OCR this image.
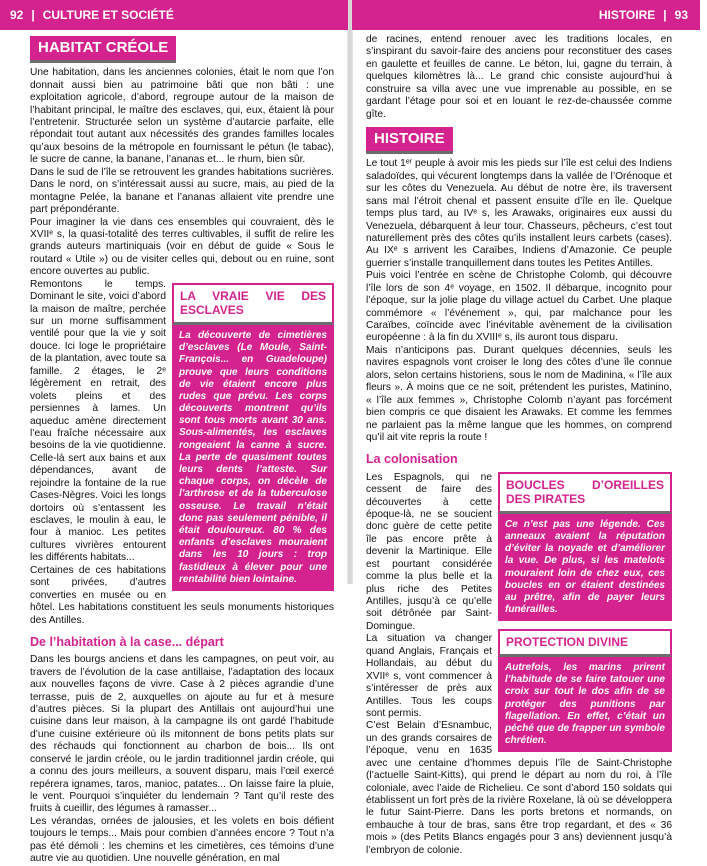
92 | CULTURE ET SOCIÉTÉ	HISTOIRE | 93
HABITAT CRÉOLE

Une habitation, dans les anciennes colonies, était le nom que l’on donnait aussi bien au patrimoine bâti que non bâti : une exploitation agricole, d’abord, regroupe autour de la maison de l’habitant principal, le maître des esclaves, qui, eux, étaient là pour l’entretenir. Structurée selon un système d’autarcie parfaite, elle répondait tout autant aux nécessités des grandes familles locales qu’aux besoins de la métropole en fournissant le pétun (le tabac), le sucre de canne, la banane, l’ananas et... le rhum, bien sûr.

Dans le sud de l’île se retrouvent les grandes habitations sucrières. Dans le nord, on s’intéressait aussi au sucre, mais, au pied de la montagne Pelée, la banane et l’ananas allaient vite prendre une part prépondérante.

Pour imaginer la vie dans ces ensembles qui couvraient, dès le XVIIᵉ s, la quasi-totalité des terres cultivables, il suffit de relire les grands auteurs martiniquais (voir en début de guide « Sous le routard « Utile ») ou de visiter celles qui, debout ou en ruine, sont encore ouvertes au public.

LA VRAIE VIE DES ESCLAVES
La découverte de cimetières d’esclaves (Le Moule, Saint-François... en Guadeloupe) prouve que leurs conditions de vie étaient encore plus rudes que prévu. Les corps découverts montrent qu’ils sont tous morts avant 30 ans. Sous-alimentés, les esclaves rongeaient la canne à sucre. La perte de quasiment toutes leurs dents l’atteste. Sur chaque corps, on décèle de l’arthrose et de la tuberculose osseuse. Le travail n’était donc pas seulement pénible, il était douloureux. 80 % des enfants d’esclaves mouraient dans les 10 jours : trop fastidieux à élever pour une rentabilité bien lointaine.

Remontons le temps. Dominant le site, voici d’abord la maison de maître, perchée sur un morne suffisamment ventilé pour que la vie y soit douce. Ici loge le propriétaire de la plantation, avec toute sa famille. 2 étages, le 2ᵉ légèrement en retrait, des volets pleins et des persiennes à lames. Un aqueduc amène directement l’eau fraîche nécessaire aux besoins de la vie quotidienne. Celle-là sert aux bains et aux dépendances, avant de rejoindre la fontaine de la rue Cases-Nègres. Voici les longs dortoirs où s’entassent les esclaves, le moulin à eau, le four à manioc. Les petites cultures vivrières entourent les différents habitats...

Certaines de ces habitations sont privées, d’autres converties en musée ou en hôtel. Les habitations constituent les seuls monuments historiques des Antilles.

De l’habitation à la case... départ

Dans les bourgs anciens et dans les campagnes, on peut voir, au travers de l’évolution de la case antillaise, l’adaptation des locaux aux nouvelles façons de vivre. Case à 2 pièces agrandie d’une terrasse, puis de 2, auxquelles on ajoute au fur et à mesure d’autres pièces. Si la plupart des Antillais ont aujourd’hui une cuisine dans leur maison, à la campagne ils ont gardé l’habitude d’une cuisine extérieure où ils mitonnent de bons petits plats sur des réchauds qui fonctionnent au charbon de bois... Ils ont conservé le jardin créole, ou le jardin traditionnel jardin créole, qui a connu des jours meilleurs, a souvent disparu, mais l’œil exercé repérera ignames, taros, manioc, patates... On laisse faire la pluie, le vent. Pourquoi s’inquiéter du lendemain ? Tant qu’il reste des fruits à cueillir, des légumes à ramasser...

Les vérandas, ornées de jalousies, et les volets en bois défient toujours le temps... Mais pour combien d’années encore ? Tout n’a pas été démoli : les chemins et les cimetières, ces témoins d’une autre vie au quotidien. Une nouvelle génération, en mal

de racines, entend renouer avec les traditions locales, en s’inspirant du savoir-faire des anciens pour reconstituer des cases en gaulette et feuilles de canne. Le béton, lui, gagne du terrain, à quelques kilomètres là... Le grand chic consiste aujourd’hui à construire sa villa avec une vue imprenable au possible, en se gardant l’étage pour soi et en louant le rez-de-chaussée comme gîte.

HISTOIRE

Le tout 1ᵉʳ peuple à avoir mis les pieds sur l’île est celui des Indiens saladoïdes, qui vécurent longtemps dans la vallée de l’Orénoque et sur les côtes du Venezuela. Au début de notre ère, ils traversent sans mal l’étroit chenal et passent ensuite d’île en île. Quelque temps plus tard, au IVᵉ s, les Arawaks, originaires eux aussi du Venezuela, débarquent à leur tour. Chasseurs, pêcheurs, c’est tout naturellement près des côtes qu’ils installent leurs carbets (cases). Au IXᵉ s arrivent les Caraïbes, Indiens d’Amazonie. Ce peuple guerrier s’installe tranquillement dans toutes les Petites Antilles.

Puis voici l’entrée en scène de Christophe Colomb, qui découvre l’île lors de son 4ᵉ voyage, en 1502. Il débarque, incognito pour l’époque, sur la jolie plage du village actuel du Carbet. Une plaque commémore « l’événement », qui, par malchance pour les Caraïbes, coïncide avec l’inévitable avènement de la civilisation européenne : à la fin du XVIIIᵉ s, ils auront tous disparu.

Mais n’anticipons pas. Durant quelques décennies, seuls les navires espagnols vont croiser le long des côtes d’une île connue alors, selon certains historiens, sous le nom de Madinina, « l’île aux fleurs ». À moins que ce ne soit, prétendent les puristes, Matinino, « l’île aux femmes », Christophe Colomb n’ayant pas forcément bien compris ce que disaient les Arawaks. Et comme les femmes ne parlaient pas la même langue que les hommes, on comprend qu’il ait vite repris la route !

La colonisation
BOUCLES D’OREILLES DES PIRATES
Ce n’est pas une légende. Ces anneaux avaient la réputation d’éviter la noyade et d’améliorer la vue. De plus, si les matelots mouraient loin de chez eux, ces boucles en or étaient destinées au prêtre, afin de payer leurs funérailles.
PROTECTION DIVINE
Autrefois, les marins prirent l’habitude de se faire tatouer une croix sur tout le dos afin de se protéger des punitions par flagellation. En effet, c’était un péché que de frapper un symbole chrétien.

Les Espagnols, qui ne cessent de faire des découvertes à cette époque-là, ne se soucient donc guère de cette petite île pas encore prête à devenir la Martinique. Elle est pourtant considérée comme la plus belle et la plus riche des Petites Antilles, jusqu’à ce qu’elle soit détrônée par Saint-Domingue.

La situation va changer quand Anglais, Français et Hollandais, au début du XVIIᵉ s, vont commencer à s’intéresser de près aux Antilles. Tous les coups sont permis.

C’est Belain d’Esnambuc, un des grands corsaires de l’époque, venu en 1635 avec une centaine d’hommes depuis l’île de Saint-Christophe (l’actuelle Saint-Kitts), qui prend le départ au nom du roi, à l’île coloniale, avec l’aide de Richelieu. Ce sont d’abord 150 soldats qui établissent un fort près de la rivière Roxelane, là où se développera le futur Saint-Pierre. Dans les ports bretons et normands, on embauche à tour de bras, sans être trop regardant, et des « 36 mois » (des Petits Blancs engagés pour 3 ans) deviennent jusqu’à l’embryon de colonie.
